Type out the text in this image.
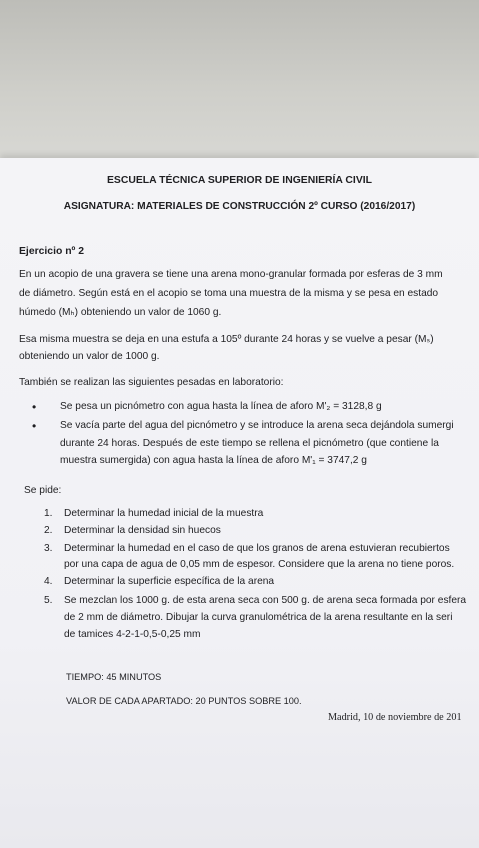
ESCUELA TÉCNICA SUPERIOR DE INGENIERÍA CIVIL
ASIGNATURA: MATERIALES DE CONSTRUCCIÓN 2º CURSO (2016/2017)
Ejercicio nº 2
En un acopio de una gravera se tiene una arena mono-granular formada por esferas de 3 mm
de diámetro. Según está en el acopio se toma una muestra de la misma y se pesa en estado
húmedo (Mₕ) obteniendo un valor de 1060 g.
Esa misma muestra se deja en una estufa a 105º durante 24 horas y se vuelve a pesar (Mₛ)
obteniendo un valor de 1000 g.
También se realizan las siguientes pesadas en laboratorio:
• Se pesa un picnómetro con agua hasta la línea de aforo M'₂ = 3128,8 g
• Se vacía parte del agua del picnómetro y se introduce la arena seca dejándola sumergi
durante 24 horas. Después de este tiempo se rellena el picnómetro (que contiene la
muestra sumergida) con agua hasta la línea de aforo M'₁ = 3747,2 g
Se pide:
1. Determinar la humedad inicial de la muestra
2. Determinar la densidad sin huecos
3. Determinar la humedad en el caso de que los granos de arena estuvieran recubiertos
por una capa de agua de 0,05 mm de espesor. Considere que la arena no tiene poros.
4. Determinar la superficie específica de la arena
5. Se mezclan los 1000 g. de esta arena seca con 500 g. de arena seca formada por esfera
de 2 mm de diámetro. Dibujar la curva granulométrica de la arena resultante en la seri
de tamices 4-2-1-0,5-0,25 mm
TIEMPO: 45 MINUTOS
VALOR DE CADA APARTADO: 20 PUNTOS SOBRE 100.
Madrid, 10 de noviembre de 201
